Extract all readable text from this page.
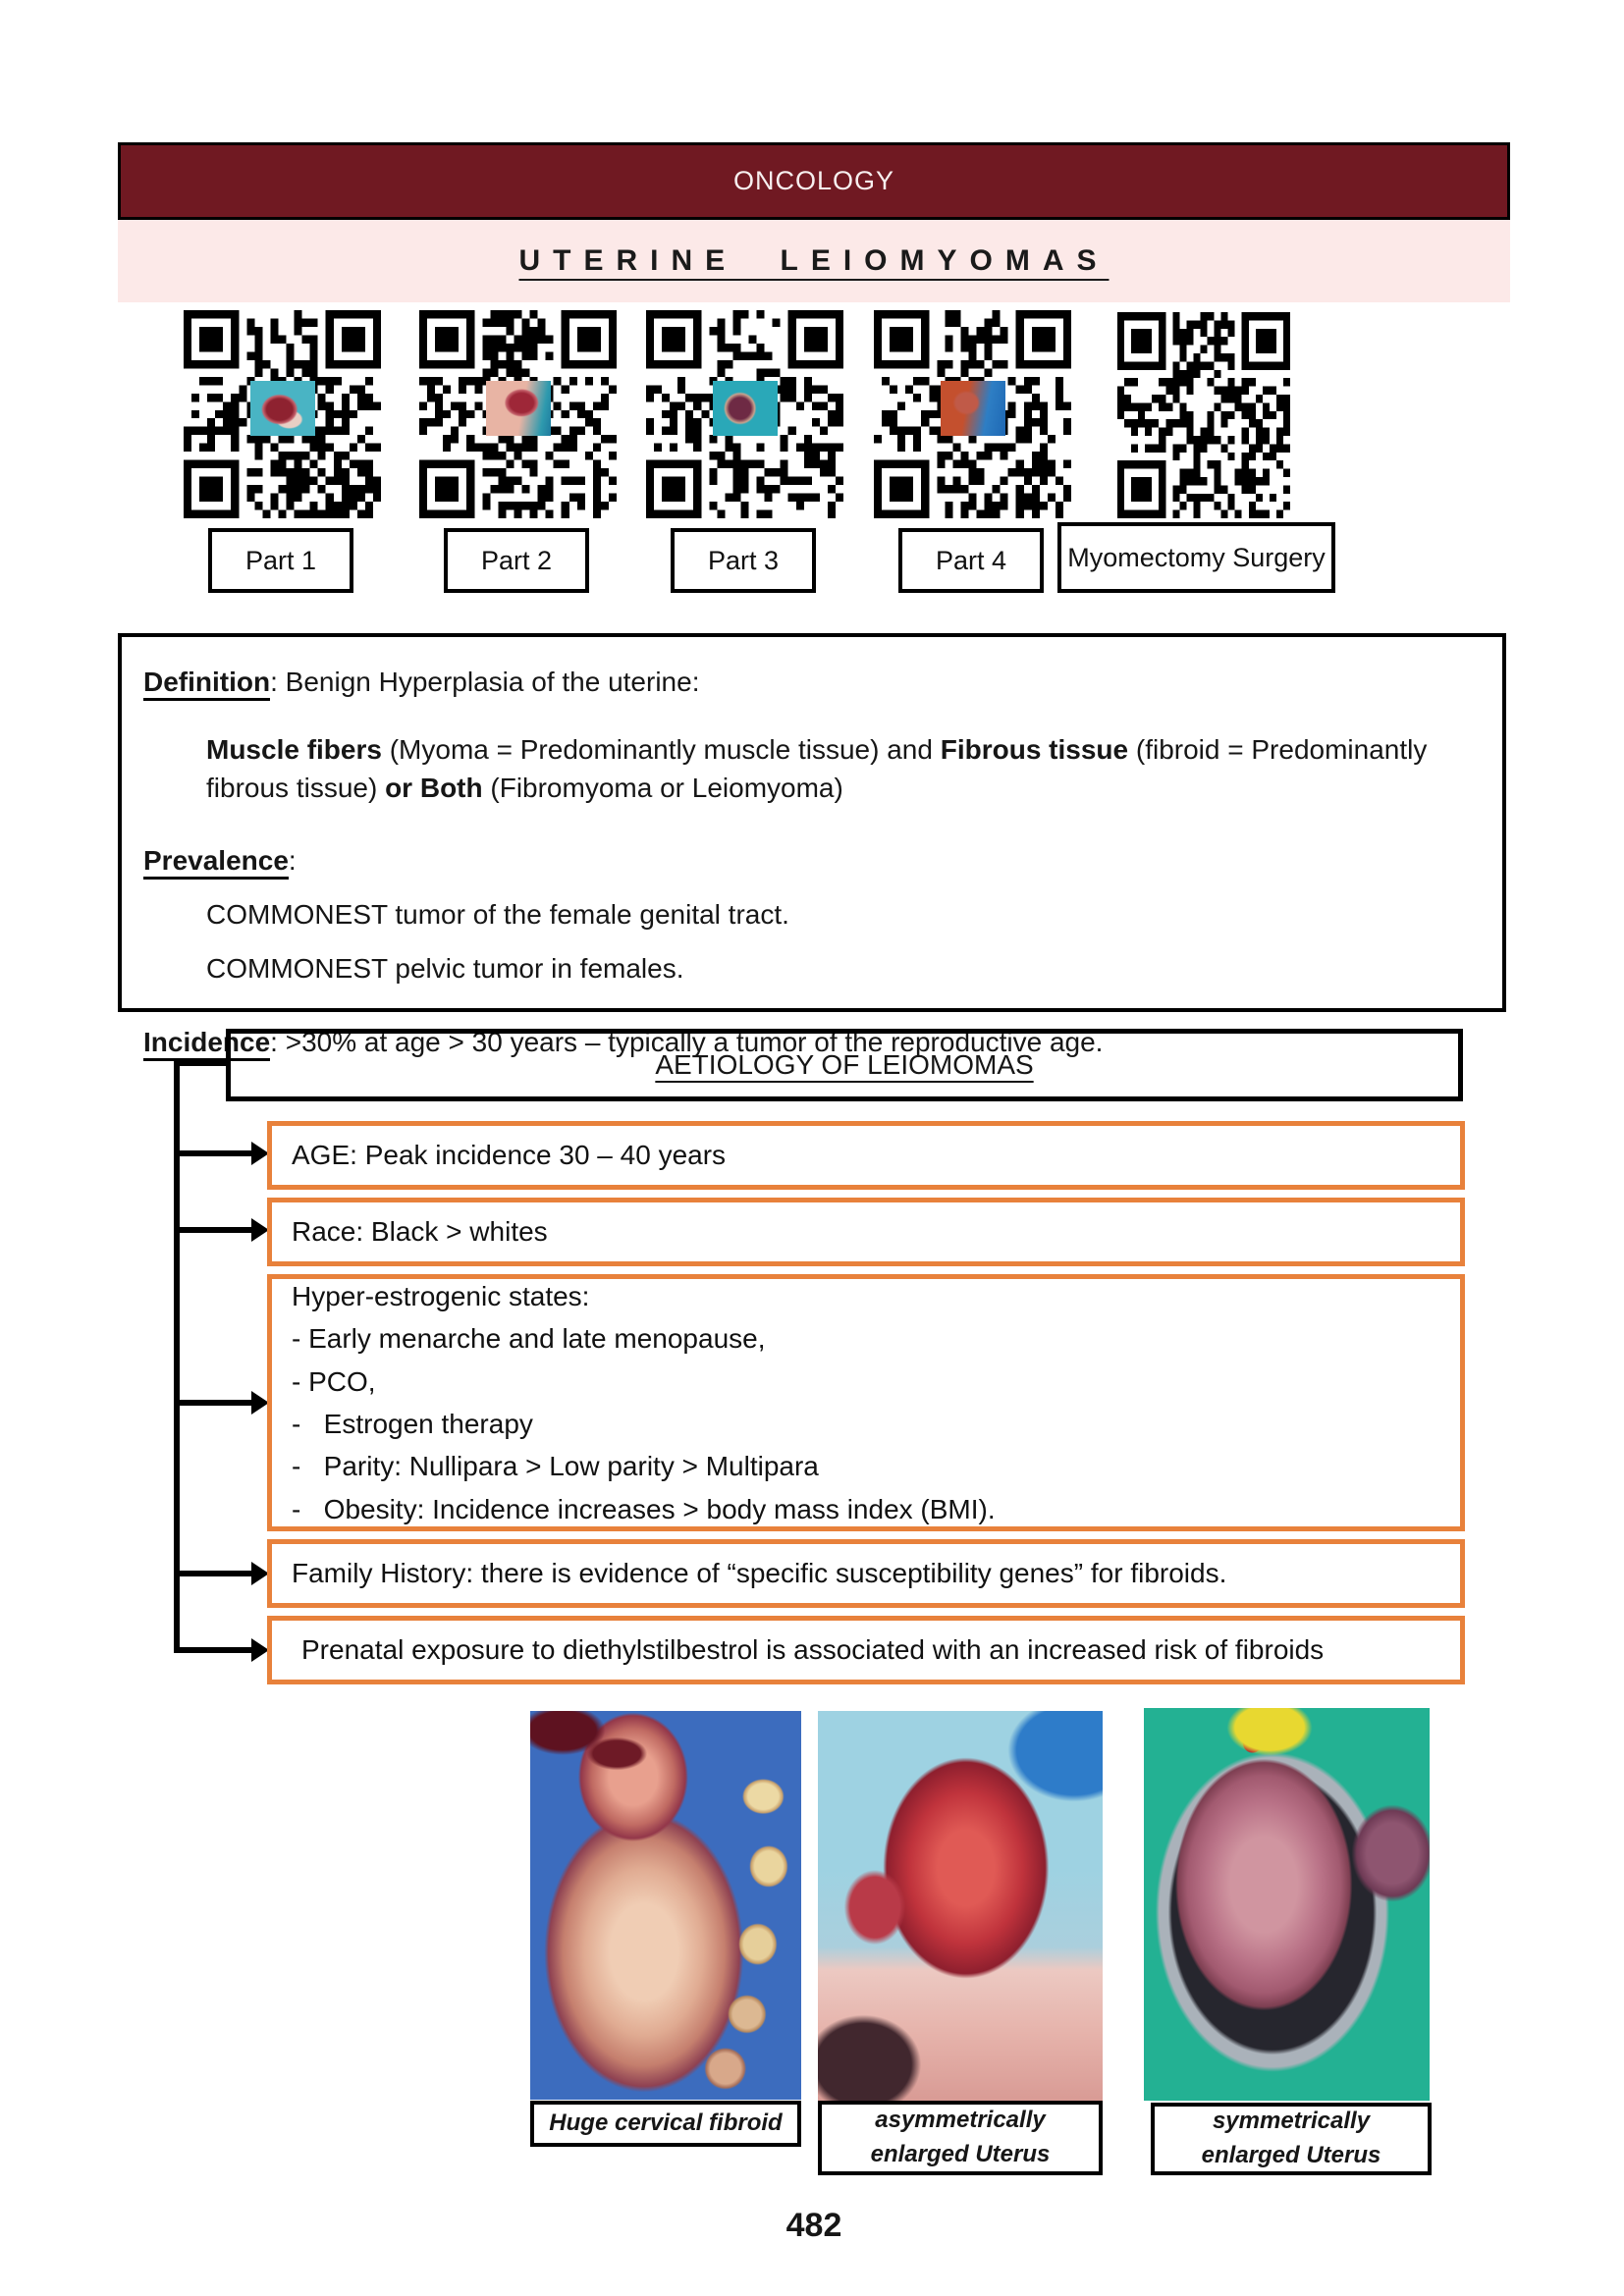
ONCOLOGY
UTERINE LEIOMYOMAS
Part 1	Part 2	Part 3	Part 4 Myomectomy Surgery
Definition: Benign Hyperplasia of the uterine:
Muscle fibers (Myoma = Predominantly muscle tissue) and Fibrous tissue (fibroid = Predominantly fibrous tissue) or Both (Fibromyoma or Leiomyoma)
Prevalence:
COMMONEST tumor of the female genital tract.
COMMONEST pelvic tumor in females.
Incidence: >30% at age > 30 years – typically a tumor of the reproductive age.
AETIOLOGY OF LEIOMOMAS
AGE: Peak incidence 30 – 40 years
Race: Black > whites
Hyper-estrogenic states:
- Early menarche and late menopause,
- PCO,
-   Estrogen therapy
-   Parity: Nullipara > Low parity > Multipara
-   Obesity: Incidence increases > body mass index (BMI).
Family History: there is evidence of “specific susceptibility genes” for fibroids.
Prenatal exposure to diethylstilbestrol is associated with an increased risk of fibroids
Huge cervical fibroid	asymmetrically enlarged Uterus
symmetrically enlarged Uterus
482
